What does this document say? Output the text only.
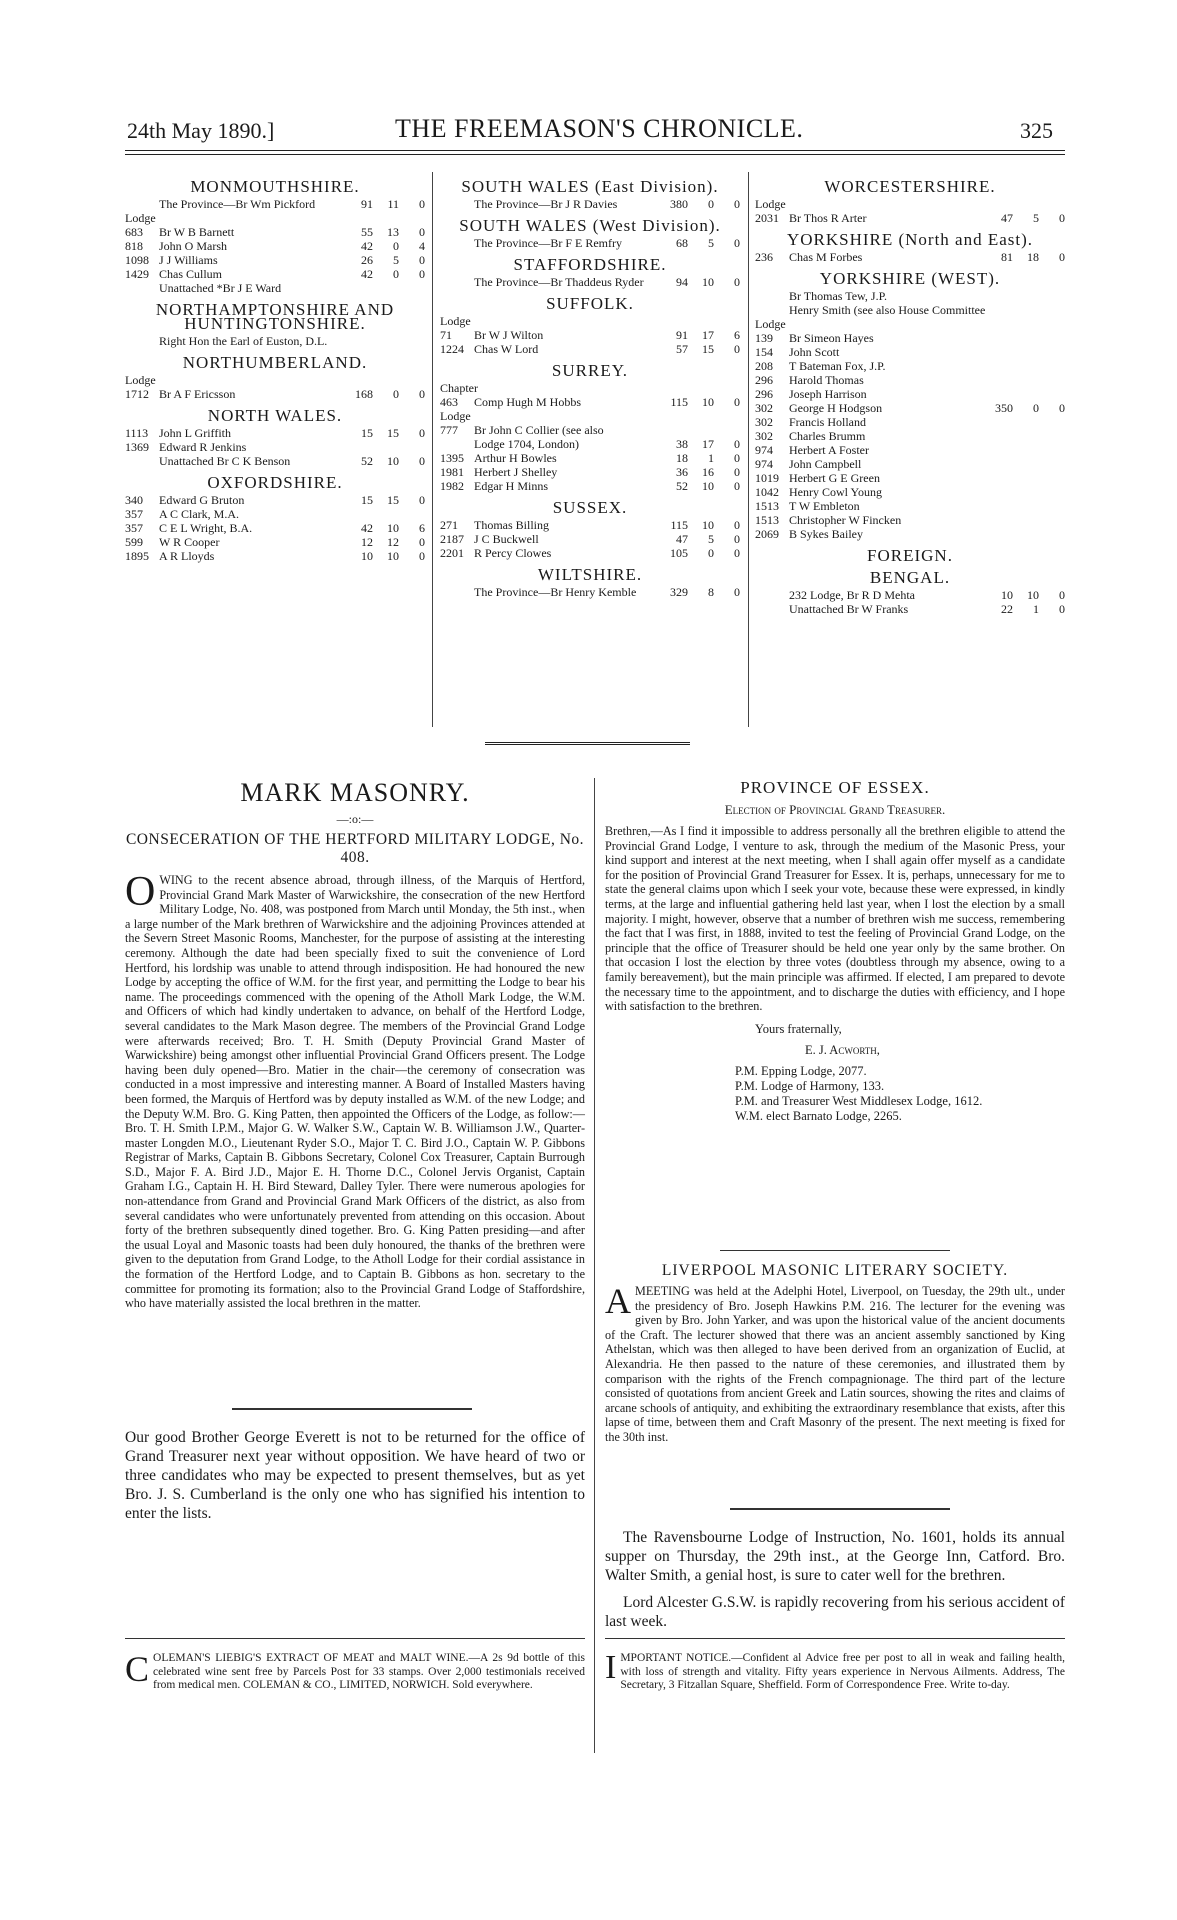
24th May 1890.]	THE FREEMASON'S CHRONICLE.	325
MONMOUTHSHIRE.
The Province—Br Wm Pickford	91	11	0
Lodge
683	Br W B Barnett	55	13	0
818	John O Marsh	42	0	4
1098 J J Williams	26	5	0
1429 Chas Cullum	42	0	0
Unattached *Br J E Ward
NORTHAMPTONSHIRE AND HUNTINGTONSHIRE.
Right Hon the Earl of Euston, D.L.
NORTHUMBERLAND.
Lodge
1712 Br A F Ericsson	168	0	0
NORTH WALES.
1113 John L Griffith	15	15	0
1369 Edward R Jenkins
Unattached Br C K Benson	52	10	0
OXFORDSHIRE.
340	Edward G Bruton	15	15	0
357	A C Clark, M.A.
357	C E L Wright, B.A.	42	10	6
599	W R Cooper	12	12	0
1895 A R Lloyds	10	10	0
SOUTH WALES (East Division).
The Province—Br J R Davies	380	0	0
SOUTH WALES (West Division).
The Province—Br F E Remfry	68	5	0
STAFFORDSHIRE.
The Province—Br Thaddeus Ryder	94	10	0
SUFFOLK.
Lodge
71	Br W J Wilton	91	17	6
1224 Chas W Lord	57	15	0
SURREY.
Chapter
463	Comp Hugh M Hobbs	115	10	0
Lodge
777	Br John C Collier (see also
Lodge 1704, London)	38	17	0
1395 Arthur H Bowles	18	1	0
1981 Herbert J Shelley	36	16	0
1982 Edgar H Minns	52	10	0
SUSSEX.
271	Thomas Billing	115	10	0
2187 J C Buckwell	47	5	0
2201 R Percy Clowes	105	0	0
WILTSHIRE.
The Province—Br Henry Kemble	329	8	0
WORCESTERSHIRE.
Lodge
2031 Br Thos R Arter	47	5	0
YORKSHIRE (North and East).
236	Chas M Forbes	81	18	0
YORKSHIRE (WEST).
Br Thomas Tew, J.P.
Henry Smith (see also House Committee
Lodge
139	Br Simeon Hayes
154	John Scott
208	T Bateman Fox, J.P.
296	Harold Thomas
296	Joseph Harrison
302	George H Hodgson	350	0	0
302	Francis Holland
302	Charles Brumm
974	Herbert A Foster
974	John Campbell
1019 Herbert G E Green
1042 Henry Cowl Young
1513 T W Embleton
1513 Christopher W Fincken
2069 B Sykes Bailey
FOREIGN.
BENGAL.
232 Lodge, Br R D Mehta	10	10	0
Unattached Br W Franks	22	1	0
MARK MASONRY.
—:o:—
CONSECERATION OF THE HERTFORD MILITARY LODGE, No. 408.

OWING to the recent absence abroad, through illness, of the Marquis of Hertford, Provincial Grand Mark Master of Warwickshire, the consecration of the new Hertford Military Lodge, No. 408, was postponed from March until Monday, the 5th inst., when a large number of the Mark brethren of Warwickshire and the adjoining Provinces attended at the Severn Street Masonic Rooms, Manchester, for the purpose of assisting at the interesting ceremony. Although the date had been specially fixed to suit the convenience of Lord Hertford, his lordship was unable to attend through indisposition. He had honoured the new Lodge by accepting the office of W.M. for the first year, and permitting the Lodge to bear his name. The proceedings commenced with the opening of the Atholl Mark Lodge, the W.M. and Officers of which had kindly undertaken to advance, on behalf of the Hertford Lodge, several candidates to the Mark Mason degree. The members of the Provincial Grand Lodge were afterwards received; Bro. T. H. Smith (Deputy Provincial Grand Master of Warwickshire) being amongst other influential Provincial Grand Officers present. The Lodge having been duly opened—Bro. Matier in the chair—the ceremony of consecration was conducted in a most impressive and interesting manner. A Board of Installed Masters having been formed, the Marquis of Hertford was by deputy installed as W.M. of the new Lodge; and the Deputy W.M. Bro. G. King Patten, then appointed the Officers of the Lodge, as follow:—Bro. T. H. Smith I.P.M., Major G. W. Walker S.W., Captain W. B. Williamson J.W., Quarter-master Longden M.O., Lieutenant Ryder S.O., Major T. C. Bird J.O., Captain W. P. Gibbons Registrar of Marks, Captain B. Gibbons Secretary, Colonel Cox Treasurer, Captain Burrough S.D., Major F. A. Bird J.D., Major E. H. Thorne D.C., Colonel Jervis Organist, Captain Graham I.G., Captain H. H. Bird Steward, Dalley Tyler. There were numerous apologies for non-attendance from Grand and Provincial Grand Mark Officers of the district, as also from several candidates who were unfortunately prevented from attending on this occasion. About forty of the brethren subsequently dined together. Bro. G. King Patten presiding—and after the usual Loyal and Masonic toasts had been duly honoured, the thanks of the brethren were given to the deputation from Grand Lodge, to the Atholl Lodge for their cordial assistance in the formation of the Hertford Lodge, and to Captain B. Gibbons as hon. secretary to the committee for promoting its formation; also to the Provincial Grand Lodge of Staffordshire, who have materially assisted the local brethren in the matter.

Our good Brother George Everett is not to be returned for the office of Grand Treasurer next year without opposition. We have heard of two or three candidates who may be expected to present themselves, but as yet Bro. J. S. Cumberland is the only one who has signified his intention to enter the lists.

COLEMAN'S LIEBIG'S EXTRACT OF MEAT and MALT WINE.—A 2s 9d bottle of this celebrated wine sent free by Parcels Post for 33 stamps. Over 2,000 testimonials received from medical men. COLEMAN & CO., LIMITED, NORWICH. Sold everywhere.
PROVINCE OF ESSEX.
Election of Provincial Grand Treasurer.

Brethren,—As I find it impossible to address personally all the brethren eligible to attend the Provincial Grand Lodge, I venture to ask, through the medium of the Masonic Press, your kind support and interest at the next meeting, when I shall again offer myself as a candidate for the position of Provincial Grand Treasurer for Essex. It is, perhaps, unnecessary for me to state the general claims upon which I seek your vote, because these were expressed, in kindly terms, at the large and influential gathering held last year, when I lost the election by a small majority. I might, however, observe that a number of brethren wish me success, remembering the fact that I was first, in 1888, invited to test the feeling of Provincial Grand Lodge, on the principle that the office of Treasurer should be held one year only by the same brother. On that occasion I lost the election by three votes (doubtless through my absence, owing to a family bereavement), but the main principle was affirmed. If elected, I am prepared to devote the necessary time to the appointment, and to discharge the duties with efficiency, and I hope with satisfaction to the brethren.

Yours fraternally,
E. J. Acworth,
P.M. Epping Lodge, 2077.
P.M. Lodge of Harmony, 133.
P.M. and Treasurer West Middlesex Lodge, 1612.
W.M. elect Barnato Lodge, 2265.
LIVERPOOL MASONIC LITERARY SOCIETY.

AMEETING was held at the Adelphi Hotel, Liverpool, on Tuesday, the 29th ult., under the presidency of Bro. Joseph Hawkins P.M. 216. The lecturer for the evening was given by Bro. John Yarker, and was upon the historical value of the ancient documents of the Craft. The lecturer showed that there was an ancient assembly sanctioned by King Athelstan, which was then alleged to have been derived from an organization of Euclid, at Alexandria. He then passed to the nature of these ceremonies, and illustrated them by comparison with the rights of the French compagnionage. The third part of the lecture consisted of quotations from ancient Greek and Latin sources, showing the rites and claims of arcane schools of antiquity, and exhibiting the extraordinary resemblance that exists, after this lapse of time, between them and Craft Masonry of the present. The next meeting is fixed for the 30th inst.

The Ravensbourne Lodge of Instruction, No. 1601, holds its annual supper on Thursday, the 29th inst., at the George Inn, Catford. Bro. Walter Smith, a genial host, is sure to cater well for the brethren.

Lord Alcester G.S.W. is rapidly recovering from his serious accident of last week.

IMPORTANT NOTICE.—Confident al Advice free per post to all in weak and failing health, with loss of strength and vitality. Fifty years experience in Nervous Ailments. Address, The Secretary, 3 Fitzallan Square, Sheffield. Form of Correspondence Free. Write to-day.
